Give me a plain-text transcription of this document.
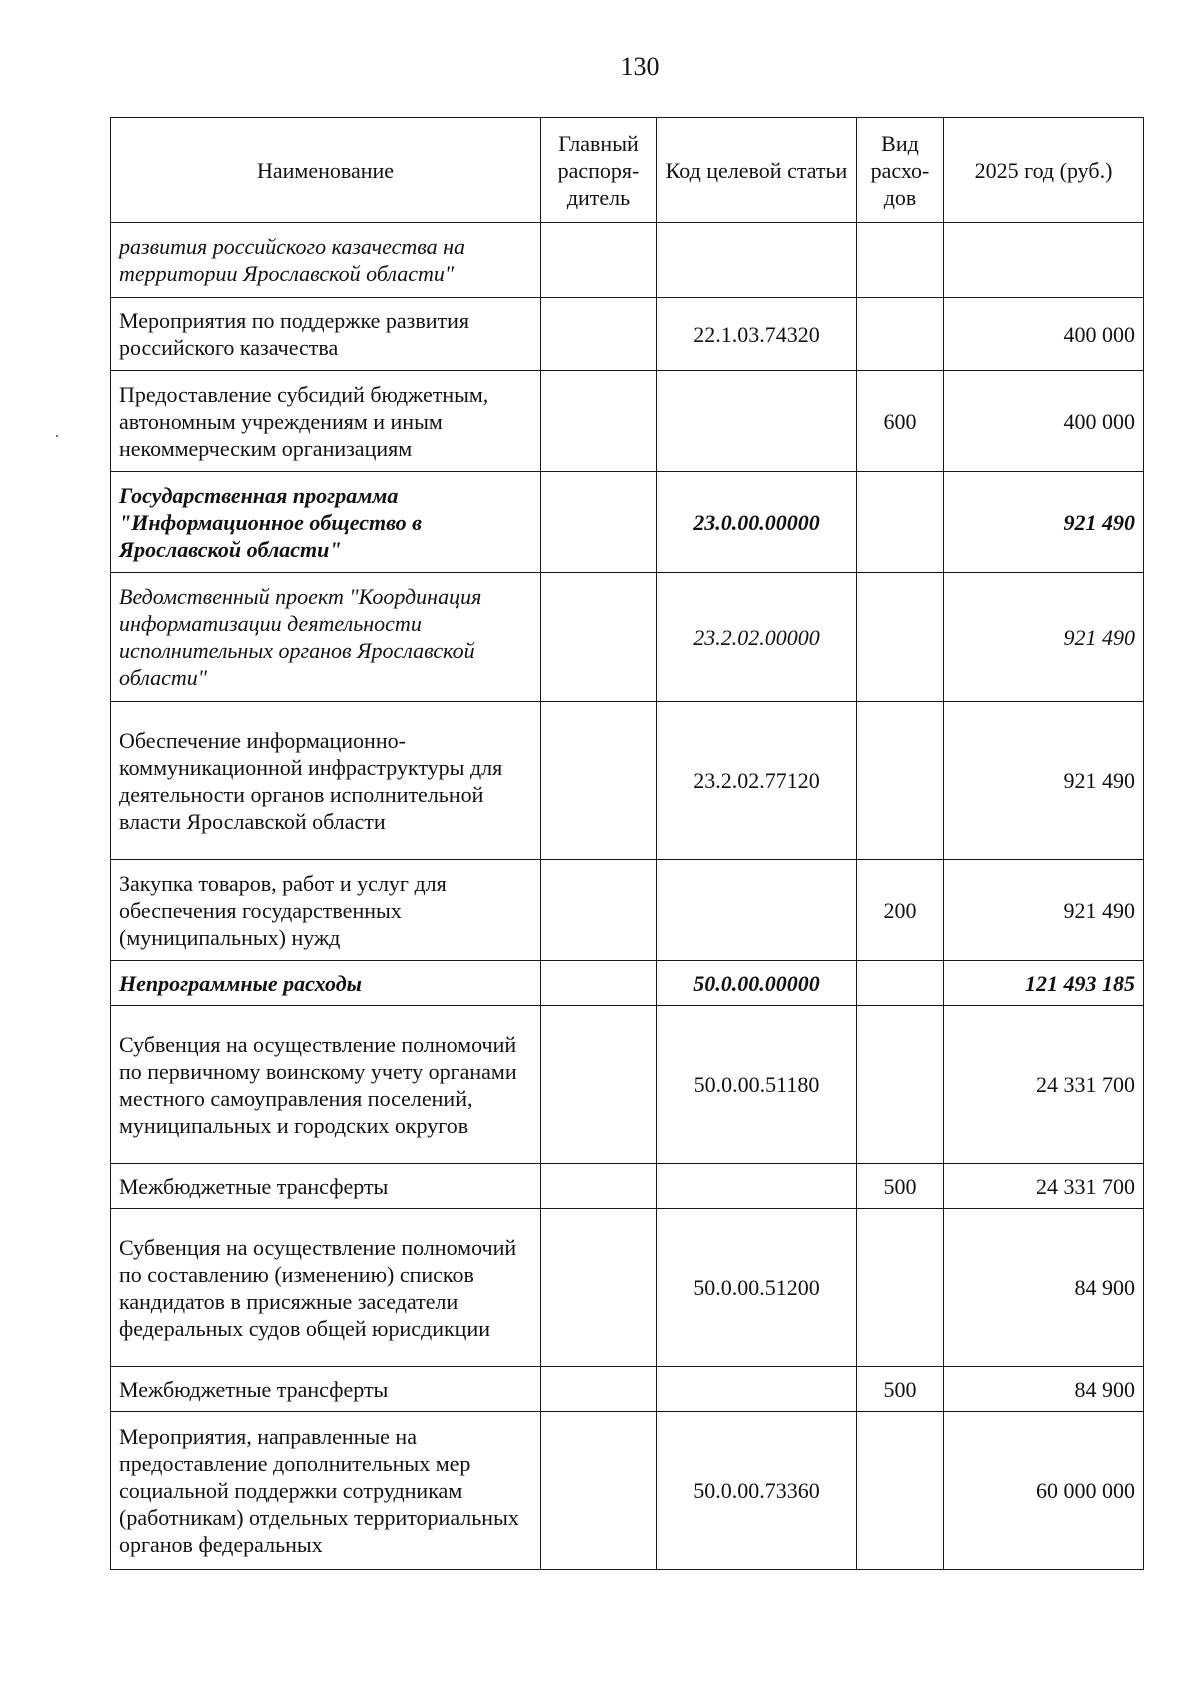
130
Наименование	Главный распоря-дитель	Код целевой статьи	Вид расхо-дов	2025 год (руб.)
развития российского казачества на территории Ярославской области"				
Мероприятия по поддержке развития российского казачества		22.1.03.74320		400 000
Предоставление субсидий бюджетным, автономным учреждениям и иным некоммерческим организациям			600	400 000
Государственная программа "Информационное общество в Ярославской области"		23.0.00.00000		921 490
Ведомственный проект "Координация информатизации деятельности исполнительных органов Ярославской области"		23.2.02.00000		921 490
Обеспечение информационно-коммуникационной инфраструктуры для деятельности органов исполнительной власти Ярославской области		23.2.02.77120		921 490
Закупка товаров, работ и услуг для обеспечения государственных (муниципальных) нужд			200	921 490
Непрограммные расходы		50.0.00.00000		121 493 185
Субвенция на осуществление полномочий по первичному воинскому учету органами местного самоуправления поселений, муниципальных и городских округов		50.0.00.51180		24 331 700
Межбюджетные трансферты			500	24 331 700
Субвенция на осуществление полномочий по составлению (изменению) списков кандидатов в присяжные заседатели федеральных судов общей юрисдикции		50.0.00.51200		84 900
Межбюджетные трансферты			500	84 900
Мероприятия, направленные на предоставление дополнительных мер социальной поддержки сотрудникам (работникам) отдельных территориальных органов федеральных		50.0.00.73360		60 000 000
